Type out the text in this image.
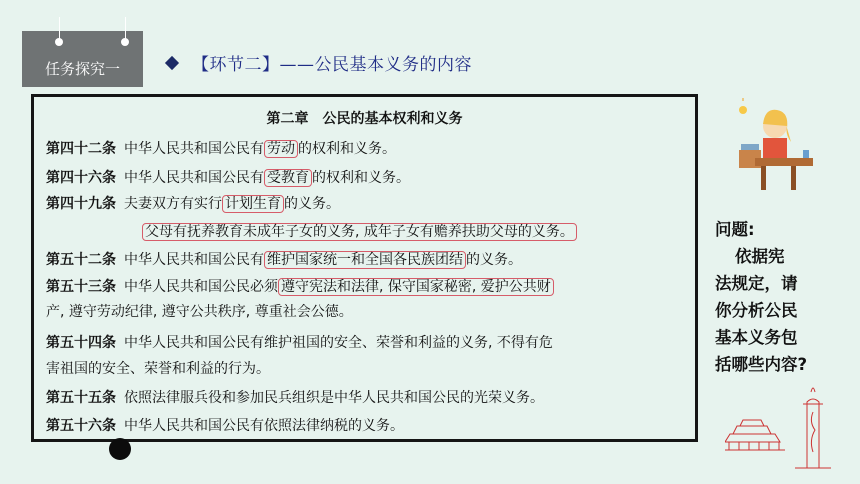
任务探究一	【环节二】——公民基本义务的内容
第二章　公民的基本权利和义务
第四十二条 中华人民共和国公民有 劳动 的权利和义务。
第四十六条 中华人民共和国公民有 受教育 的权利和义务。
第四十九条 夫妻双方有实行 计划生育 的义务。
父母有抚养教育未成年子女的义务, 成年子女有赡养扶助父母的义务。
第五十二条 中华人民共和国公民有 维护国家统一和全国各民族团结 的义务。
第五十三条 中华人民共和国公民必须 遵守宪法和法律, 保守国家秘密, 爱护公共财
产, 遵守劳动纪律, 遵守公共秩序, 尊重社会公德。
第五十四条 中华人民共和国公民有维护祖国的安全、荣誉和利益的义务, 不得有危
害祖国的安全、荣誉和利益的行为。
第五十五条 依照法律服兵役和参加民兵组织是中华人民共和国公民的光荣义务。
第五十六条 中华人民共和国公民有依照法律纳税的义务。
问题:
依据宪
法规定，请
你分析公民
基本义务包
括哪些内容?
